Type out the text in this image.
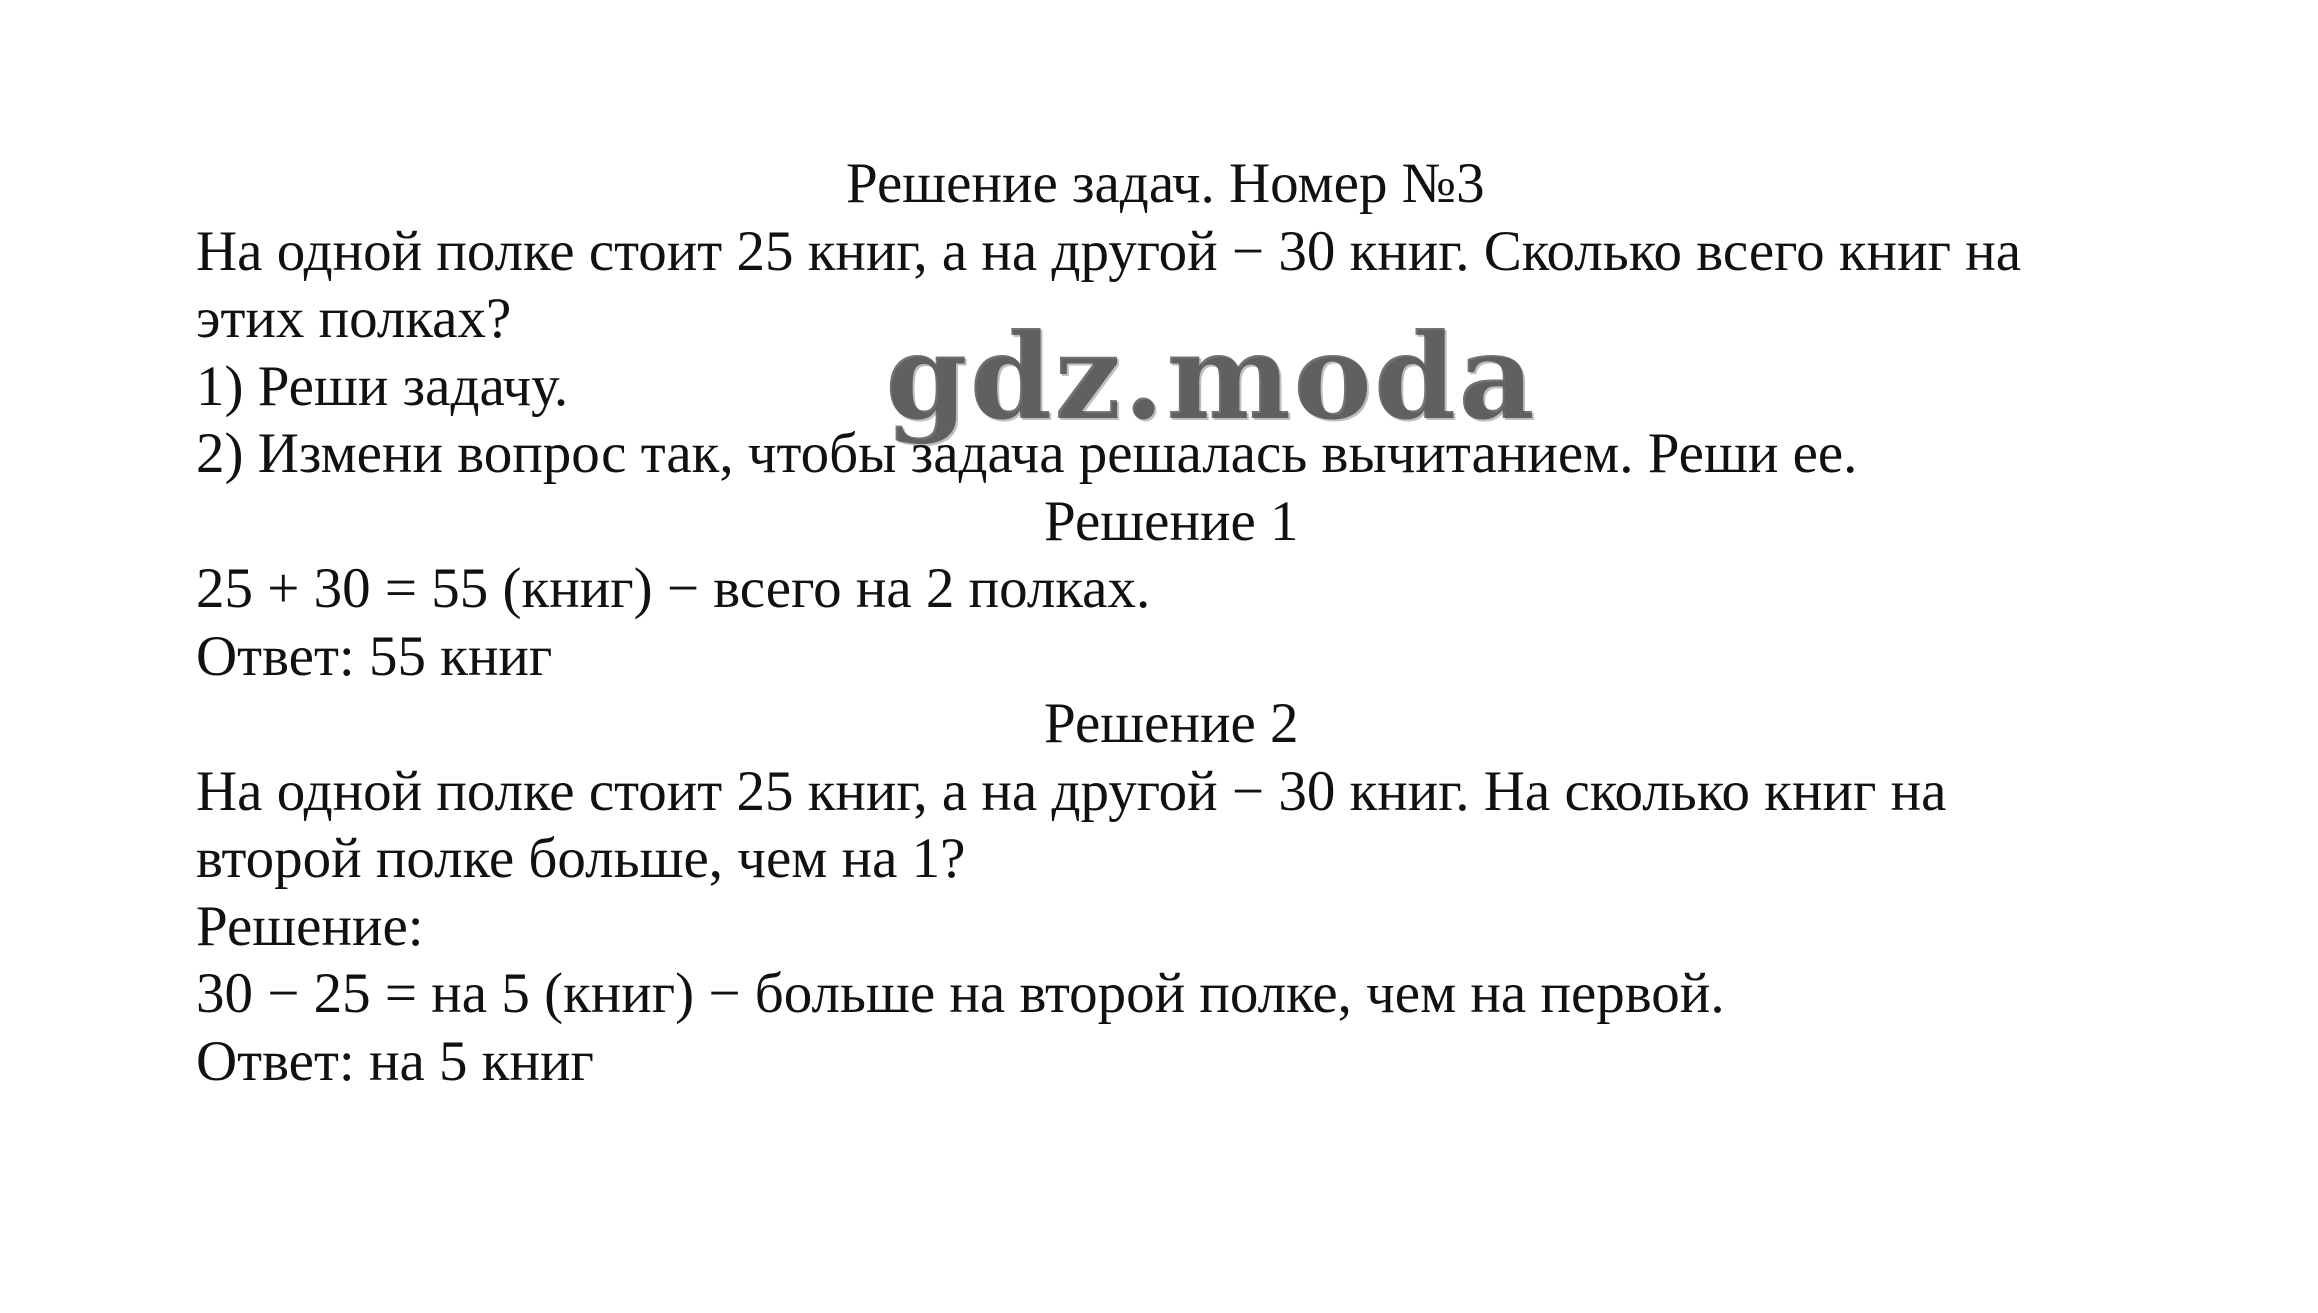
Решение задач. Номер №3
На одной полке стоит 25 книг, а на другой − 30 книг. Сколько всего книг на
этих полках?
1) Реши задачу.
2) Измени вопрос так, чтобы задача решалась вычитанием. Реши ее.
Решение 1
25 + 30 = 55 (книг) − всего на 2 полках.
Ответ: 55 книг
Решение 2
На одной полке стоит 25 книг, а на другой − 30 книг. На сколько книг на
второй полке больше, чем на 1?
Решение:
30 − 25 = на 5 (книг) − больше на второй полке, чем на первой.
Ответ: на 5 книг
gdz.moda
